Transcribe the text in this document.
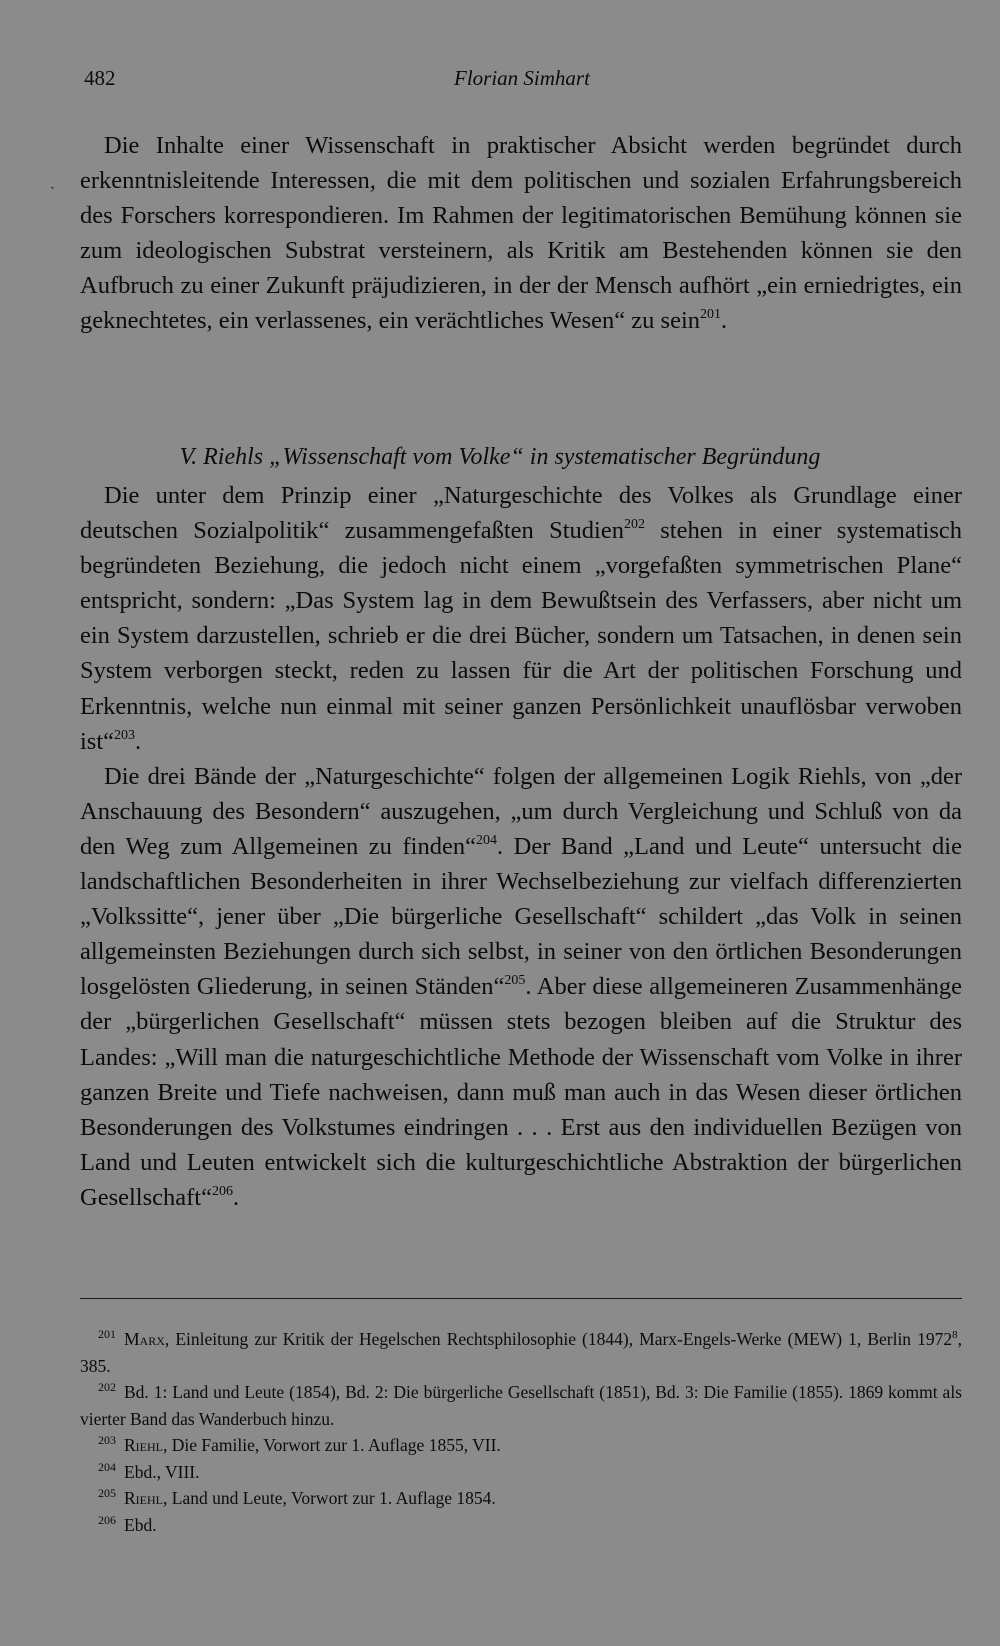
482	Florian Simhart
ˎ

Die Inhalte einer Wissenschaft in praktischer Absicht werden begründet durch erkenntnisleitende Interessen, die mit dem politischen und sozialen Erfahrungsbereich des Forschers korrespondieren. Im Rahmen der legitimatorischen Bemühung können sie zum ideologischen Substrat versteinern, als Kritik am Bestehenden können sie den Aufbruch zu einer Zukunft präjudizieren, in der der Mensch aufhört „ein erniedrigtes, ein geknechtetes, ein verlassenes, ein verächtliches Wesen“ zu sein$^{201}$.

V. Riehls „Wissenschaft vom Volke“ in systematischer Begründung

Die unter dem Prinzip einer „Naturgeschichte des Volkes als Grundlage einer deutschen Sozialpolitik“ zusammengefaßten Studien$^{202}$ stehen in einer systematisch begründeten Beziehung, die jedoch nicht einem „vorgefaßten symmetrischen Plane“ entspricht, sondern: „Das System lag in dem Bewußtsein des Verfassers, aber nicht um ein System darzustellen, schrieb er die drei Bücher, sondern um Tatsachen, in denen sein System verborgen steckt, reden zu lassen für die Art der politischen Forschung und Erkenntnis, welche nun einmal mit seiner ganzen Persönlichkeit unauflösbar verwoben ist“$^{203}$.

Die drei Bände der „Naturgeschichte“ folgen der allgemeinen Logik Riehls, von „der Anschauung des Besondern“ auszugehen, „um durch Vergleichung und Schluß von da den Weg zum Allgemeinen zu finden“$^{204}$. Der Band „Land und Leute“ untersucht die landschaftlichen Besonderheiten in ihrer Wechselbeziehung zur vielfach differenzierten „Volkssitte“, jener über „Die bürgerliche Gesellschaft“ schildert „das Volk in seinen allgemeinsten Beziehungen durch sich selbst, in seiner von den örtlichen Besonderungen losgelösten Gliederung, in seinen Ständen“$^{205}$. Aber diese allgemeineren Zusammenhänge der „bürgerlichen Gesellschaft“ müssen stets bezogen bleiben auf die Struktur des Landes: „Will man die naturgeschichtliche Methode der Wissenschaft vom Volke in ihrer ganzen Breite und Tiefe nachweisen, dann muß man auch in das Wesen dieser örtlichen Besonderungen des Volkstumes eindringen . . . Erst aus den individuellen Bezügen von Land und Leuten entwickelt sich die kulturgeschichtliche Abstraktion der bürgerlichen Gesellschaft“$^{206}$.

$^{201}$ Marx, Einleitung zur Kritik der Hegelschen Rechtsphilosophie (1844), Marx-Engels-Werke (MEW) 1, Berlin 1972$^8$, 385.

$^{202}$ Bd. 1: Land und Leute (1854), Bd. 2: Die bürgerliche Gesellschaft (1851), Bd. 3: Die Familie (1855). 1869 kommt als vierter Band das Wanderbuch hinzu.

$^{203}$ Riehl, Die Familie, Vorwort zur 1. Auflage 1855, VII.

$^{204}$ Ebd., VIII.

$^{205}$ Riehl, Land und Leute, Vorwort zur 1. Auflage 1854.

$^{206}$ Ebd.
